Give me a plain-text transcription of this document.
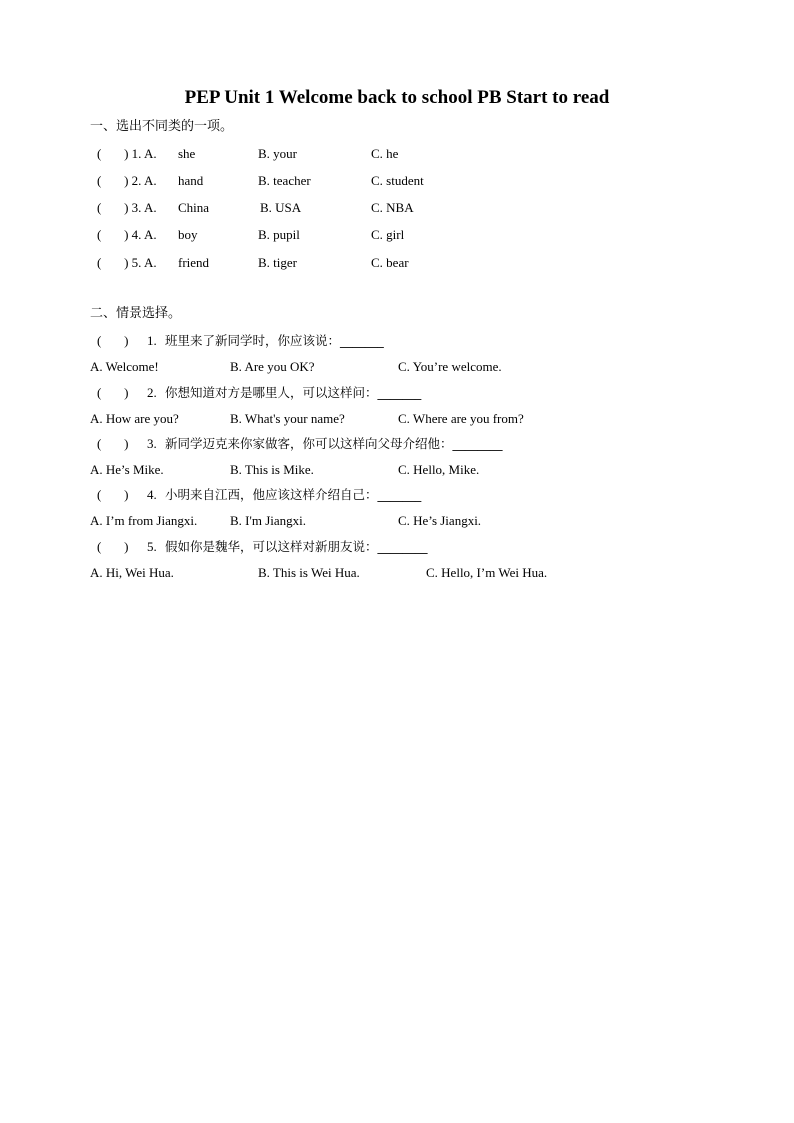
PEP Unit 1 Welcome back to school PB Start to read
一、选出不同类的一项。
(       ) 1. A. she	B. your	C. he
(       ) 2. A. hand	B. teacher	C. student
(       ) 3. A. China	B. USA	C. NBA
(       ) 4. A. boy	B. pupil	C. girl
(       ) 5. A. friend	B. tiger	C. bear
二、情景选择。
(       ) 1. 班里来了新同学时，你应该说：_______
A. Welcome!	B. Are you OK?	C. You’re welcome.
(       ) 2. 你想知道对方是哪里人，可以这样问：_______
A. How are you?	B. What's your name?	C. Where are you from?
(       ) 3. 新同学迈克来你家做客，你可以这样向父母介绍他：________
A. He’s Mike.	B. This is Mike.	C. Hello, Mike.
(       ) 4. 小明来自江西，他应该这样介绍自己：_______
A. I’m from Jiangxi.	B. I'm Jiangxi.	C. He’s Jiangxi.
(       ) 5. 假如你是魏华，可以这样对新朋友说：________
A. Hi, Wei Hua.	B. This is Wei Hua.	C. Hello, I’m Wei Hua.
